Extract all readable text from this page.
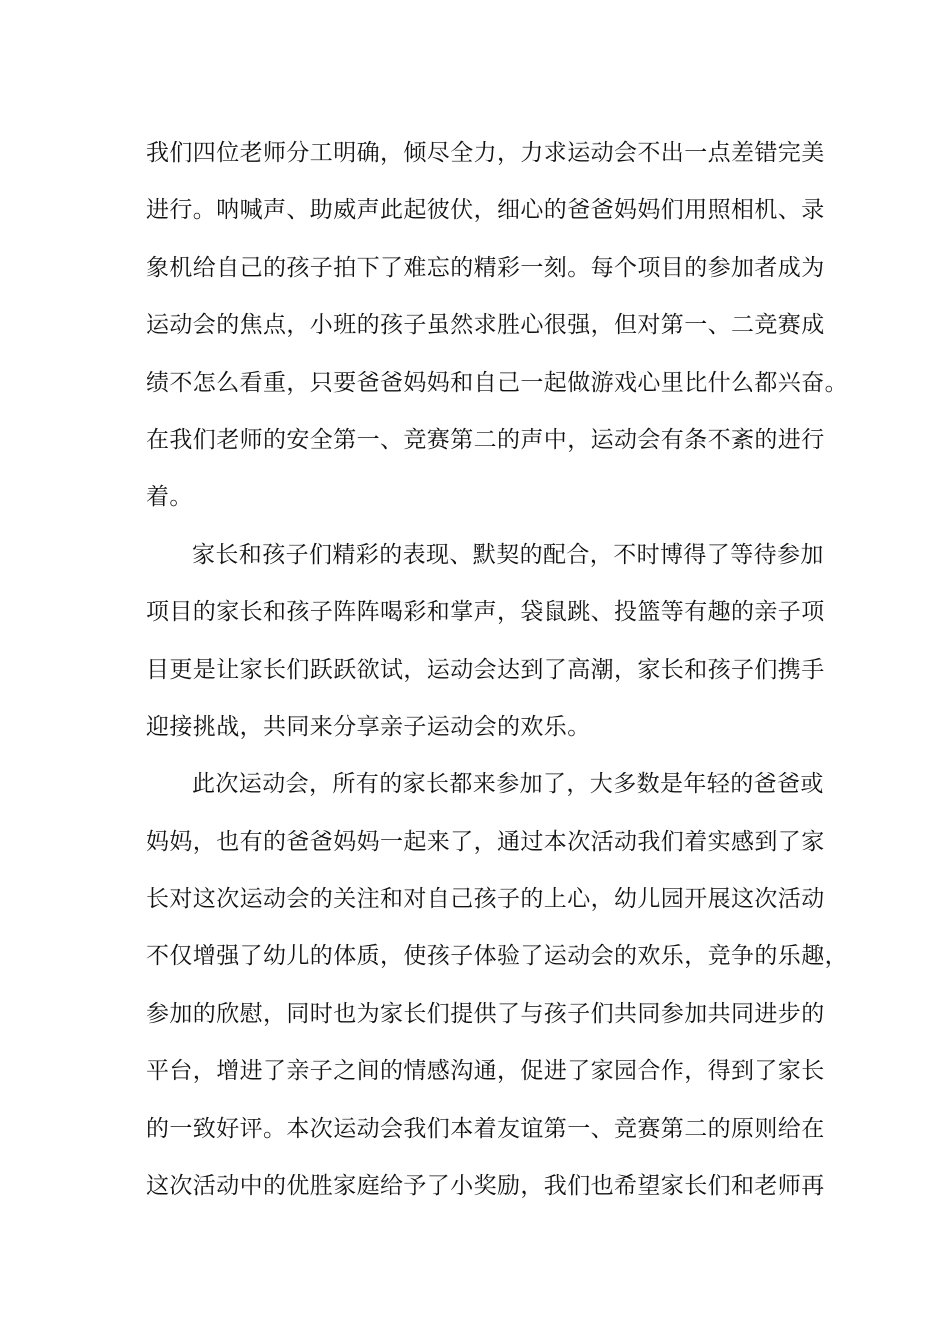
我们四位老师分工明确，倾尽全力，力求运动会不出一点差错完美
进行。呐喊声、助威声此起彼伏，细心的爸爸妈妈们用照相机、录
象机给自己的孩子拍下了难忘的精彩一刻。每个项目的参加者成为
运动会的焦点，小班的孩子虽然求胜心很强，但对第一、二竞赛成
绩不怎么看重，只要爸爸妈妈和自己一起做游戏心里比什么都兴奋。
在我们老师的安全第一、竞赛第二的声中，运动会有条不紊的进行
着。
家长和孩子们精彩的表现、默契的配合，不时博得了等待参加
项目的家长和孩子阵阵喝彩和掌声，袋鼠跳、投篮等有趣的亲子项
目更是让家长们跃跃欲试，运动会达到了高潮，家长和孩子们携手
迎接挑战，共同来分享亲子运动会的欢乐。
此次运动会，所有的家长都来参加了，大多数是年轻的爸爸或
妈妈，也有的爸爸妈妈一起来了，通过本次活动我们着实感到了家
长对这次运动会的关注和对自己孩子的上心，幼儿园开展这次活动
不仅增强了幼儿的体质，使孩子体验了运动会的欢乐，竞争的乐趣，
参加的欣慰，同时也为家长们提供了与孩子们共同参加共同进步的
平台，增进了亲子之间的情感沟通，促进了家园合作，得到了家长
的一致好评。本次运动会我们本着友谊第一、竞赛第二的原则给在
这次活动中的优胜家庭给予了小奖励，我们也希望家长们和老师再
